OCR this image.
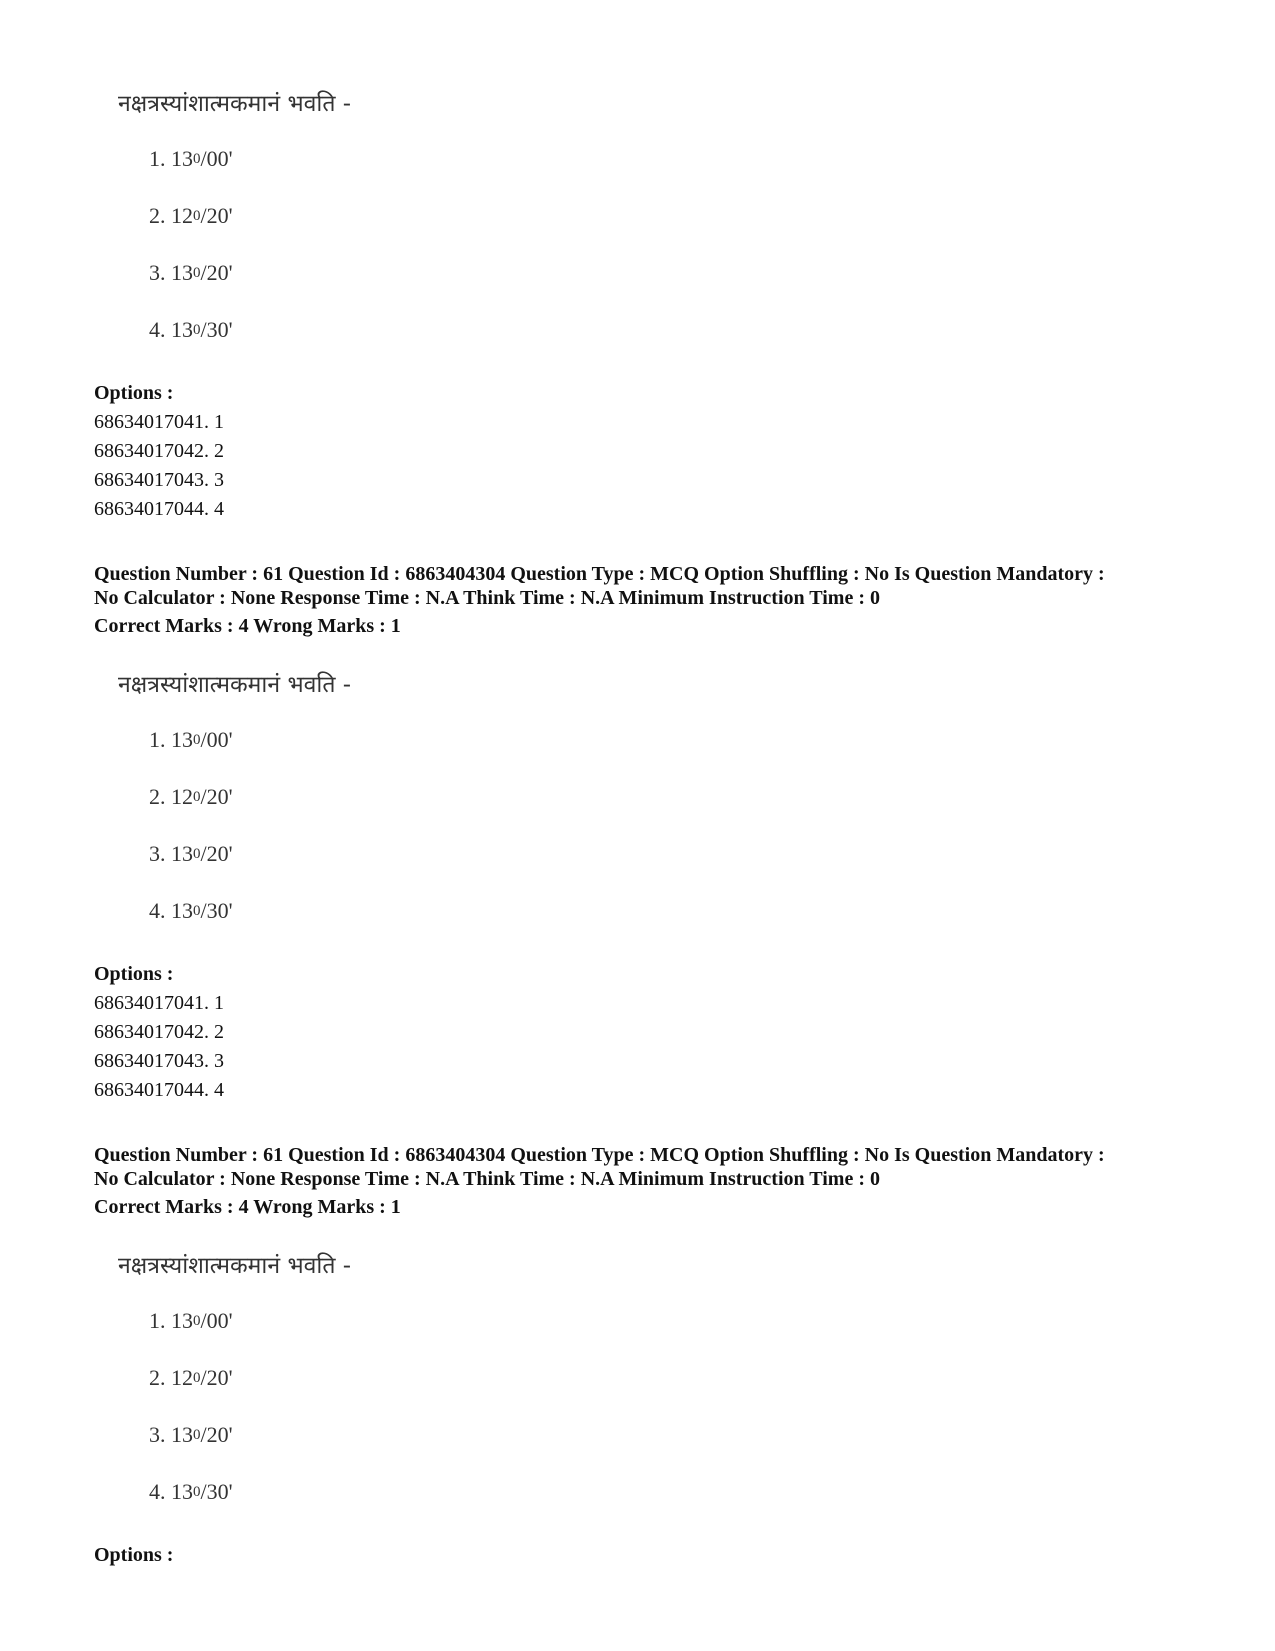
नक्षत्रस्यांशात्मकमानं भवति -
1. $13^0/00'$
2. $12^0/20'$
3. $13^0/20'$
4. $13^0/30'$
Options :
68634017041. 1
68634017042. 2
68634017043. 3
68634017044. 4
Question Number : 61 Question Id : 6863404304 Question Type : MCQ Option Shuffling : No Is Question Mandatory :
No Calculator : None Response Time : N.A Think Time : N.A Minimum Instruction Time : 0
Correct Marks : 4 Wrong Marks : 1
नक्षत्रस्यांशात्मकमानं भवति -
1. $13^0/00'$
2. $12^0/20'$
3. $13^0/20'$
4. $13^0/30'$
Options :
68634017041. 1
68634017042. 2
68634017043. 3
68634017044. 4
Question Number : 61 Question Id : 6863404304 Question Type : MCQ Option Shuffling : No Is Question Mandatory :
No Calculator : None Response Time : N.A Think Time : N.A Minimum Instruction Time : 0
Correct Marks : 4 Wrong Marks : 1
नक्षत्रस्यांशात्मकमानं भवति -
1. $13^0/00'$
2. $12^0/20'$
3. $13^0/20'$
4. $13^0/30'$
Options :
